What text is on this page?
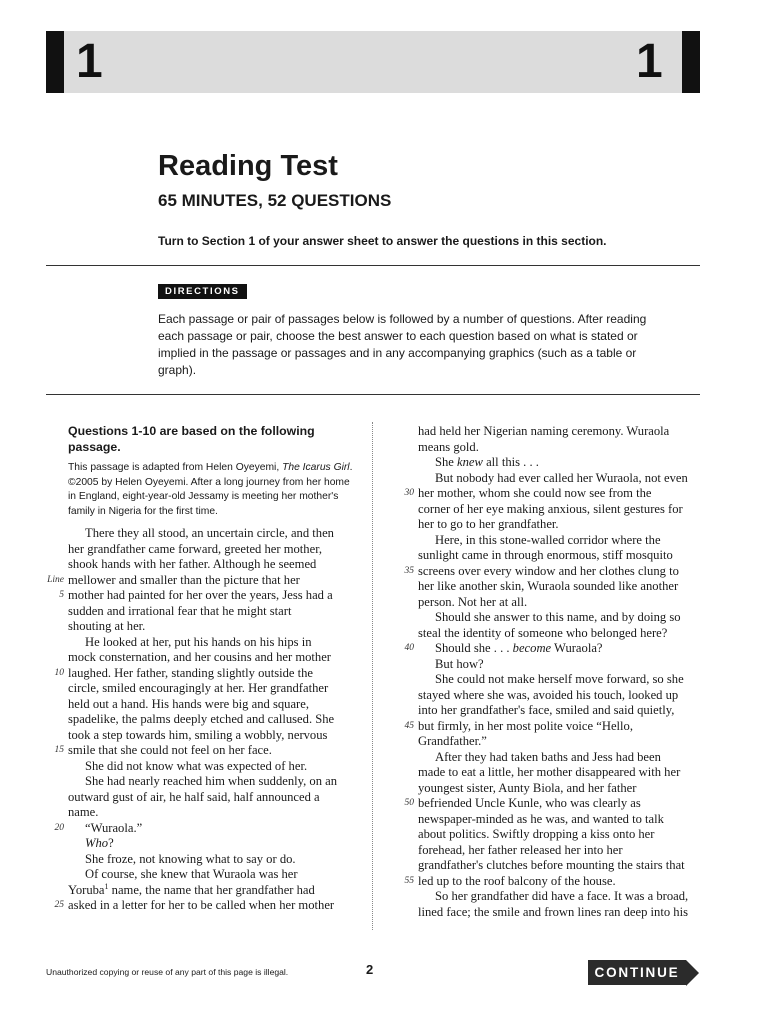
1	1
Reading Test
65 MINUTES, 52 QUESTIONS
Turn to Section 1 of your answer sheet to answer the questions in this section.
DIRECTIONS
Each passage or pair of passages below is followed by a number of questions. After reading each passage or pair, choose the best answer to each question based on what is stated or implied in the passage or passages and in any accompanying graphics (such as a table or graph).
Questions 1-10 are based on the following passage.
This passage is adapted from Helen Oyeyemi, The Icarus Girl. ©2005 by Helen Oyeyemi. After a long journey from her home in England, eight-year-old Jessamy is meeting her mother's family in Nigeria for the first time.
There they all stood, an uncertain circle, and then
her grandfather came forward, greeted her mother,
shook hands with her father. Although he seemed
Line mellower and smaller than the picture that her
5 mother had painted for her over the years, Jess had a
sudden and irrational fear that he might start
shouting at her.
He looked at her, put his hands on his hips in
mock consternation, and her cousins and her mother
10 laughed. Her father, standing slightly outside the
circle, smiled encouragingly at her. Her grandfather
held out a hand. His hands were big and square,
spadelike, the palms deeply etched and callused. She
took a step towards him, smiling a wobbly, nervous
15 smile that she could not feel on her face.
She did not know what was expected of her.
She had nearly reached him when suddenly, on an
outward gust of air, he half said, half announced a
name.
20 “Wuraola.”
Who?
She froze, not knowing what to say or do.
Of course, she knew that Wuraola was her
Yoruba$^1$ name, the name that her grandfather had
25 asked in a letter for her to be called when her mother
had held her Nigerian naming ceremony. Wuraola
means gold.
She knew all this . . .
But nobody had ever called her Wuraola, not even
30 her mother, whom she could now see from the
corner of her eye making anxious, silent gestures for
her to go to her grandfather.
Here, in this stone-walled corridor where the
sunlight came in through enormous, stiff mosquito
35 screens over every window and her clothes clung to
her like another skin, Wuraola sounded like another
person. Not her at all.
Should she answer to this name, and by doing so
steal the identity of someone who belonged here?
40 Should she . . . become Wuraola?
But how?
She could not make herself move forward, so she
stayed where she was, avoided his touch, looked up
into her grandfather's face, smiled and said quietly,
45 but firmly, in her most polite voice “Hello,
Grandfather.”
After they had taken baths and Jess had been
made to eat a little, her mother disappeared with her
youngest sister, Aunty Biola, and her father
50 befriended Uncle Kunle, who was clearly as
newspaper-minded as he was, and wanted to talk
about politics. Swiftly dropping a kiss onto her
forehead, her father released her into her
grandfather's clutches before mounting the stairs that
55 led up to the roof balcony of the house.
So her grandfather did have a face. It was a broad,
lined face; the smile and frown lines ran deep into his
Unauthorized copying or reuse of any part of this page is illegal.	2	CONTINUE
